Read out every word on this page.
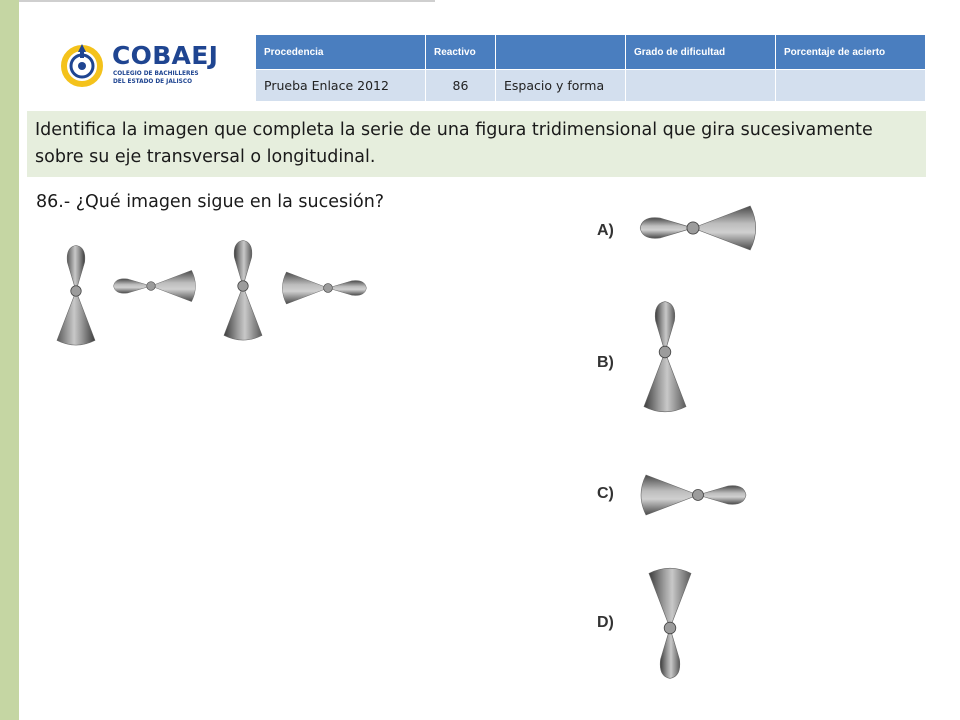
COBAEJ
COLEGIO DE BACHILLERES
DEL ESTADO DE JALISCO
Procedencia	Reactivo		Grado de dificultad	Porcentaje de acierto
Prueba Enlace 2012	86	Espacio y forma		
Identifica la imagen que completa la serie de una figura tridimensional que gira sucesivamente sobre su eje transversal o longitudinal.
86.- ¿Qué imagen sigue en la sucesión?
A)
B)
C)
D)
